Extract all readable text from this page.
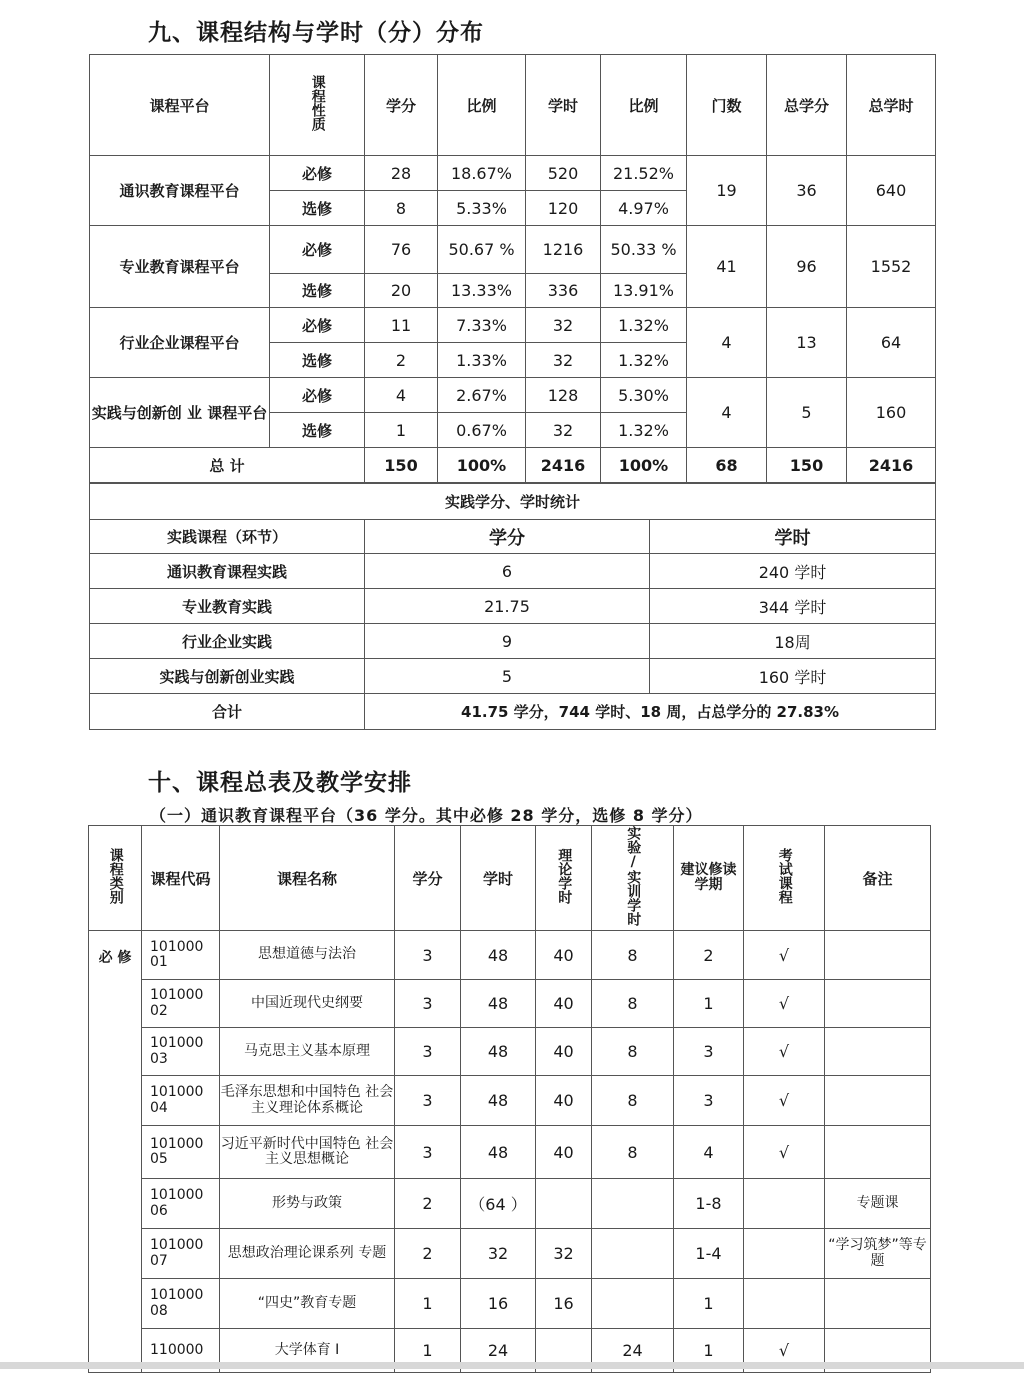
九、课程结构与学时（分）分布
课程平台	课程性质	学分	比例	学时	比例	门数	总学分	总学时
通识教育课程平台	必修	28	18.67%	520	21.52%	19	36	640
	选修	8	5.33%	120	4.97%			
专业教育课程平台	必修	76	50.67 %	1216	50.33 %	41	96	1552
	选修	20	13.33%	336	13.91%			
行业企业课程平台	必修	11	7.33%	32	1.32%	4	13	64
	选修	2	1.33%	32	1.32%			
实践与创新创 业 课程平台	必修	4	2.67%	128	5.30%	4	5	160
	选修	1	0.67%	32	1.32%			
总 计		150	100%	2416	100%	68	150	2416
实践学分、学时统计		
实践课程（环节）	学分	学时
通识教育课程实践	6	240 学时
专业教育实践	21.75	344 学时
行业企业实践	9	18周
实践与创新创业实践	5	160 学时
合计	41.75 学分，744 学时、18 周，占总学分的 27.83%	
十、课程总表及教学安排
（一）通识教育课程平台（36 学分。其中必修 28 学分，选修 8 学分）
课程类别	课程代码	课程名称	学分	学时	理论学时	实验/实训学时	建议修读学期	考试课程	备注
必 修	101000 01	思想道德与法治	3	48	40	8	2	√	
	101000 02	中国近现代史纲要	3	48	40	8	1	√	
	101000 03	马克思主义基本原理	3	48	40	8	3	√	
	101000 04	毛泽东思想和中国特色 社会主义理论体系概论	3	48	40	8	3	√	
	101000 05	习近平新时代中国特色 社会主义思想概论	3	48	40	8	4	√	
	101000 06	形势与政策	2	（64 ）			1-8		专题课
	101000 07	思想政治理论课系列 专题	2	32	32		1-4		“学习筑梦”等专题
	101000 08	“四史”教育专题	1	16	16		1		
	110000	大学体育 Ⅰ	1	24		24	1	√	
